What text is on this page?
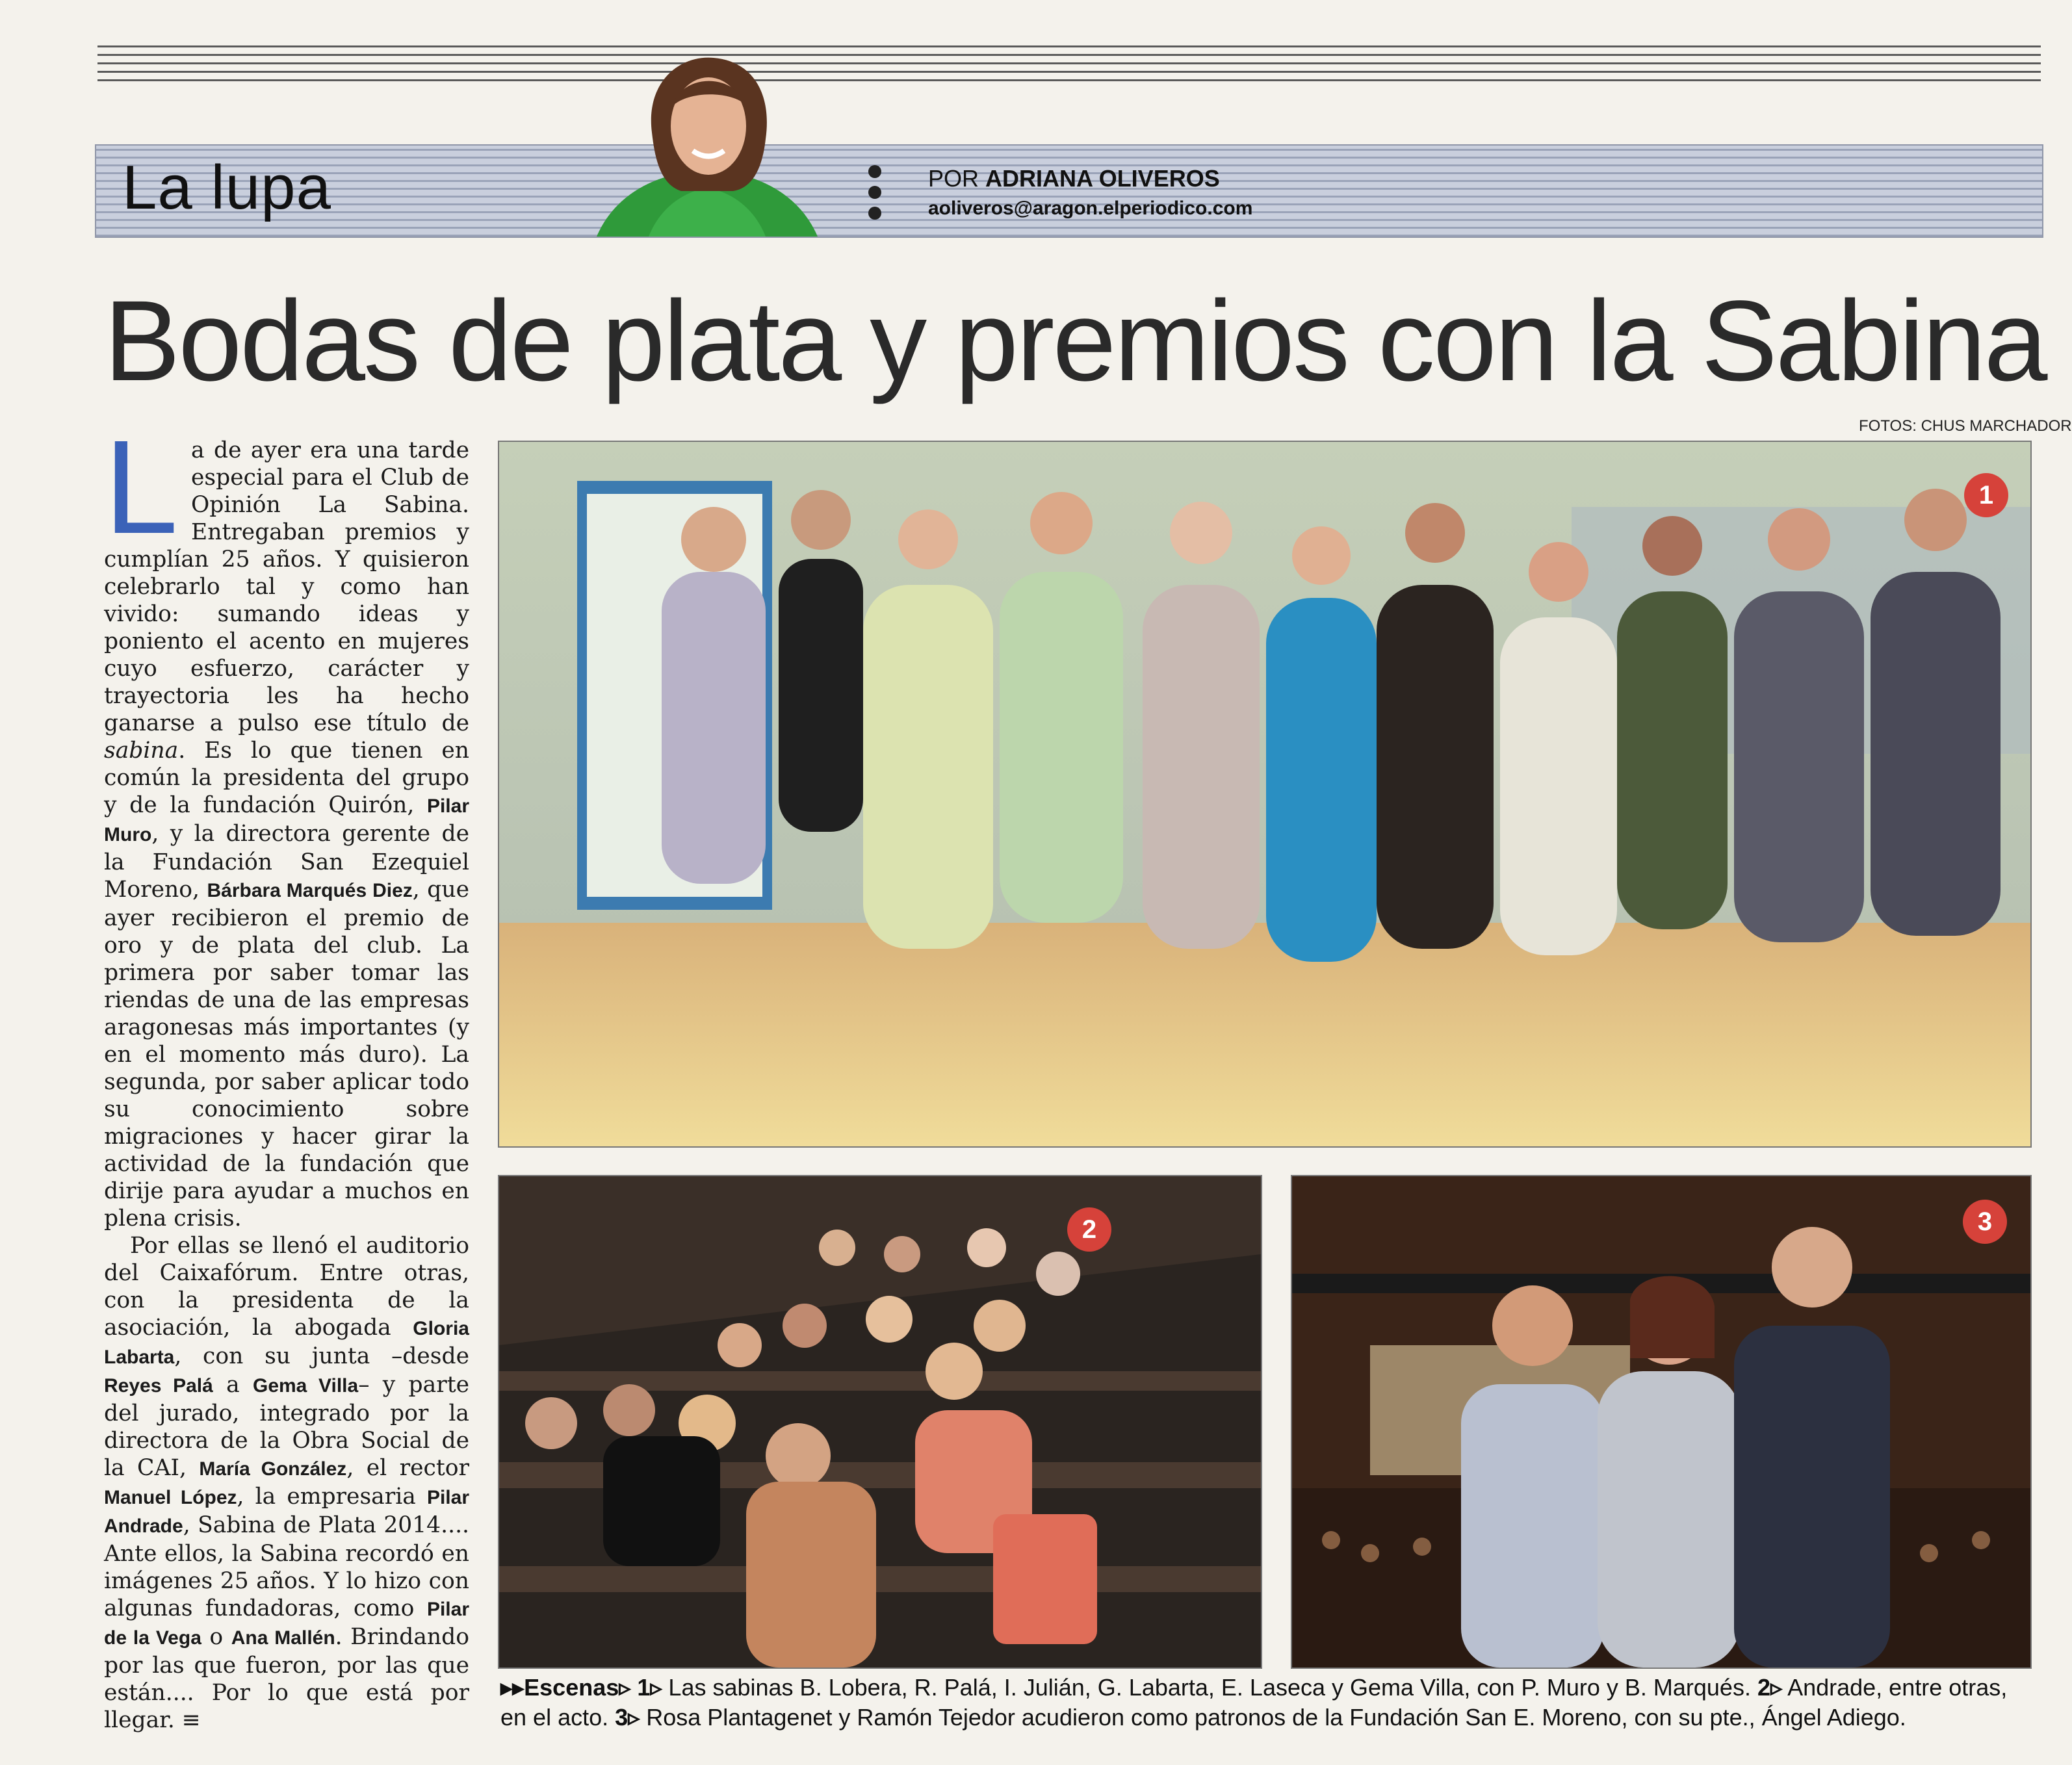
La lupa	POR ADRIANA OLIVEROS
aoliveros@aragon.elperiodico.com
Bodas de plata y premios con la Sabina
FOTOS: CHUS MARCHADOR

La de ayer era una tarde especial para el Club de Opinión La Sabina. Entregaban premios y cumplían 25 años. Y quisieron celebrarlo tal y como han vivido: sumando ideas y poniento el acento en mujeres cuyo esfuerzo, carácter y trayectoria les ha hecho ganarse a pulso ese título de sabina. Es lo que tienen en común la presidenta del grupo y de la fundación Quirón, Pilar Muro, y la directora gerente de la Fundación San Ezequiel Moreno, Bárbara Marqués Diez, que ayer recibieron el premio de oro y de plata del club. La primera por saber tomar las riendas de una de las empresas aragonesas más importantes (y en el momento más duro). La segunda, por saber aplicar todo su conocimiento sobre migraciones y hacer girar la actividad de la fundación que dirije para ayudar a muchos en plena crisis.

Por ellas se llenó el auditorio del Caixafórum. Entre otras, con la presidenta de la asociación, la abogada Gloria Labarta, con su junta –desde Reyes Palá a Gema Villa– y parte del jurado, integrado por la directora de la Obra Social de la CAI, María González, el rector Manuel López, la empresaria Pilar Andrade, Sabina de Plata 2014.... Ante ellos, la Sabina recordó en imágenes 25 años. Y lo hizo con algunas fundadoras, como Pilar de la Vega o Ana Mallén. Brindando por las que fueron, por las que están.... Por lo que está por llegar. ≡

1
2	3
▸▸Escenas▹ 1▹ Las sabinas B. Lobera, R. Palá, I. Julián, G. Labarta, E. Laseca y Gema Villa, con P. Muro y B. Marqués. 2▹ Andrade, entre otras, en el acto. 3▹ Rosa Plantagenet y Ramón Tejedor acudieron como patronos de la Fundación San E. Moreno, con su pte., Ángel Adiego.
